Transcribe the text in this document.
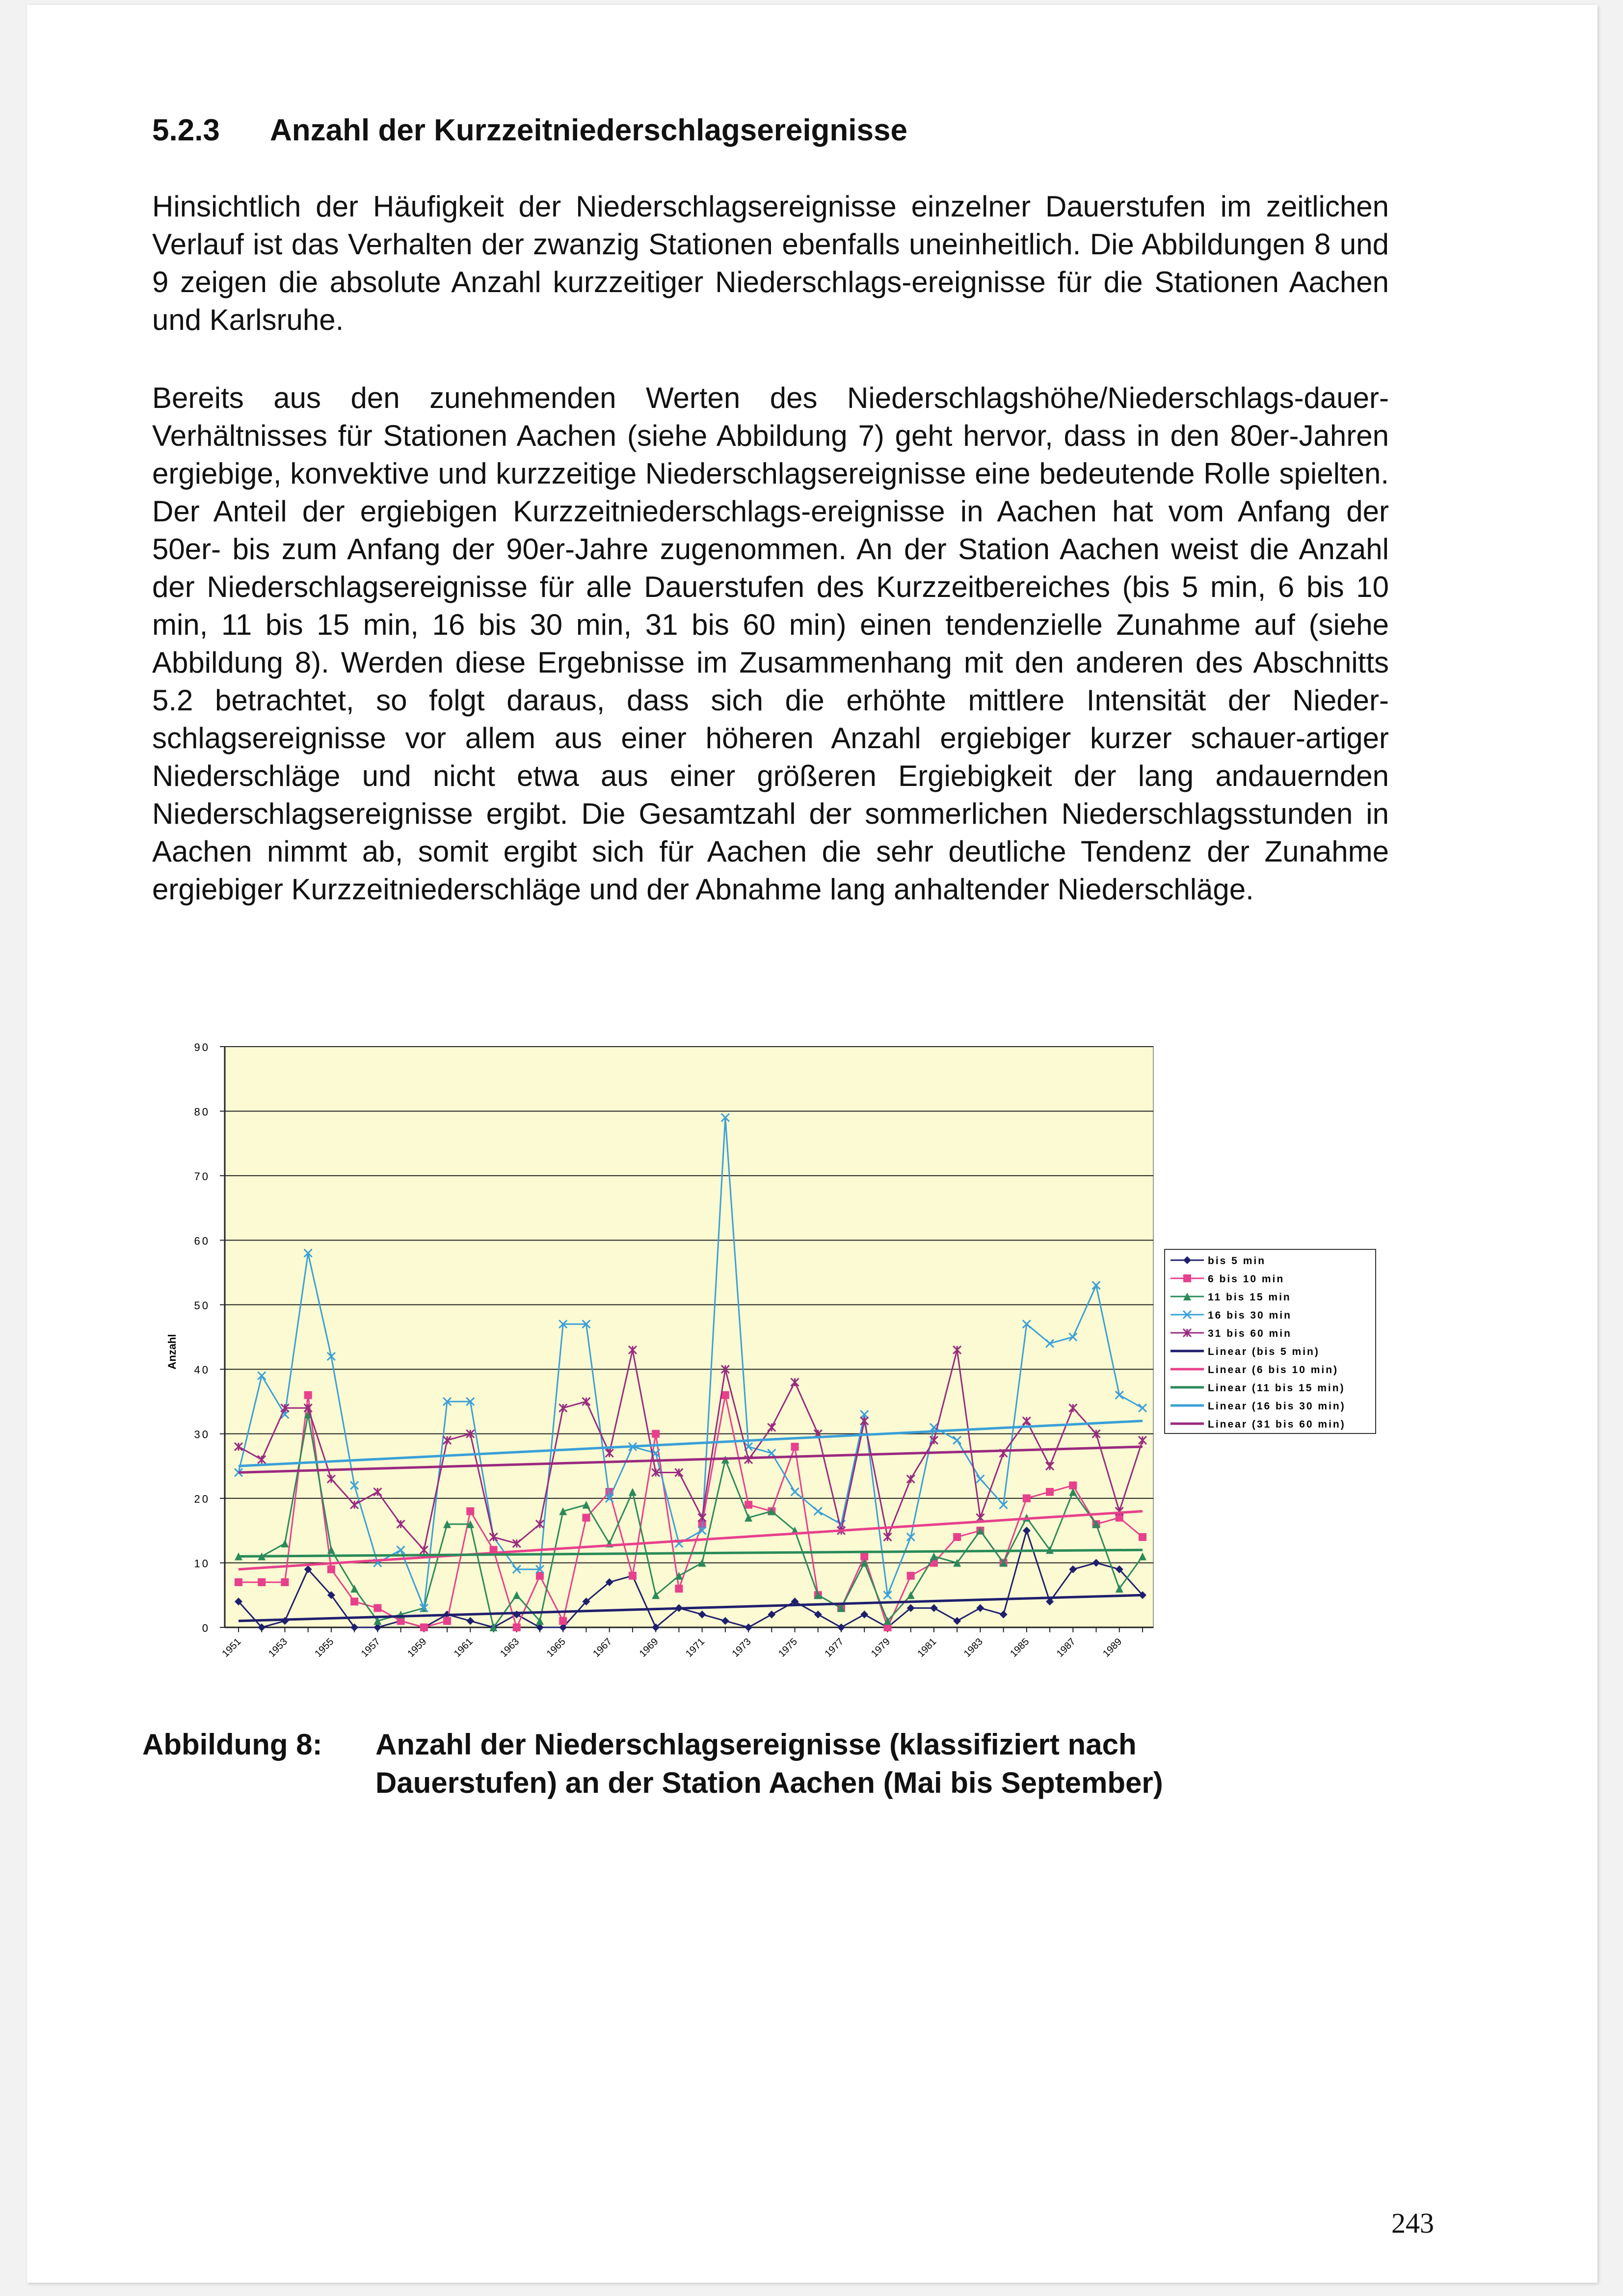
5.2.3 Anzahl der Kurzzeitniederschlagsereignisse

Hinsichtlich der Häufigkeit der Niederschlagsereignisse einzelner Dauerstufen im zeitlichen Verlauf ist das Verhalten der zwanzig Stationen ebenfalls uneinheitlich. Die Abbildungen 8 und 9 zeigen die absolute Anzahl kurzzeitiger Niederschlags-ereignisse für die Stationen Aachen und Karlsruhe.

Bereits aus den zunehmenden Werten des Niederschlagshöhe/Niederschlags-dauer-Verhältnisses für Stationen Aachen (siehe Abbildung 7) geht hervor, dass in den 80er-Jahren ergiebige, konvektive und kurzzeitige Niederschlagsereignisse eine bedeutende Rolle spielten. Der Anteil der ergiebigen Kurzzeitniederschlags-ereignisse in Aachen hat vom Anfang der 50er- bis zum Anfang der 90er-Jahre zugenommen. An der Station Aachen weist die Anzahl der Niederschlagsereignisse für alle Dauerstufen des Kurzzeitbereiches (bis 5 min, 6 bis 10 min, 11 bis 15 min, 16 bis 30 min, 31 bis 60 min) einen tendenzielle Zunahme auf (siehe Abbildung 8). Werden diese Ergebnisse im Zusammenhang mit den anderen des Abschnitts 5.2 betrachtet, so folgt daraus, dass sich die erhöhte mittlere Intensität der Nieder-schlagsereignisse vor allem aus einer höheren Anzahl ergiebiger kurzer schauer-artiger Niederschläge und nicht etwa aus einer größeren Ergiebigkeit der lang andauernden Niederschlagsereignisse ergibt. Die Gesamtzahl der sommerlichen Niederschlagsstunden in Aachen nimmt ab, somit ergibt sich für Aachen die sehr deutliche Tendenz der Zunahme ergiebiger Kurzzeitniederschläge und der Abnahme lang anhaltender Niederschläge.

0
10
20
30
40
50
60
70
80
90
Anzahl
1951 1953 1955 1957 1959 1961 1963 1965 1967 1969 1971 1973 1975 1977 1979 1981 1983 1985 1987 1989
bis 5 min
6 bis 10 min
11 bis 15 min
16 bis 30 min
31 bis 60 min
Linear (bis 5 min)
Linear (6 bis 10 min)
Linear (11 bis 15 min)
Linear (16 bis 30 min)
Linear (31 bis 60 min)
Abbildung 8: Anzahl der Niederschlagsereignisse (klassifiziert nach Dauerstufen) an der Station Aachen (Mai bis September)
243
